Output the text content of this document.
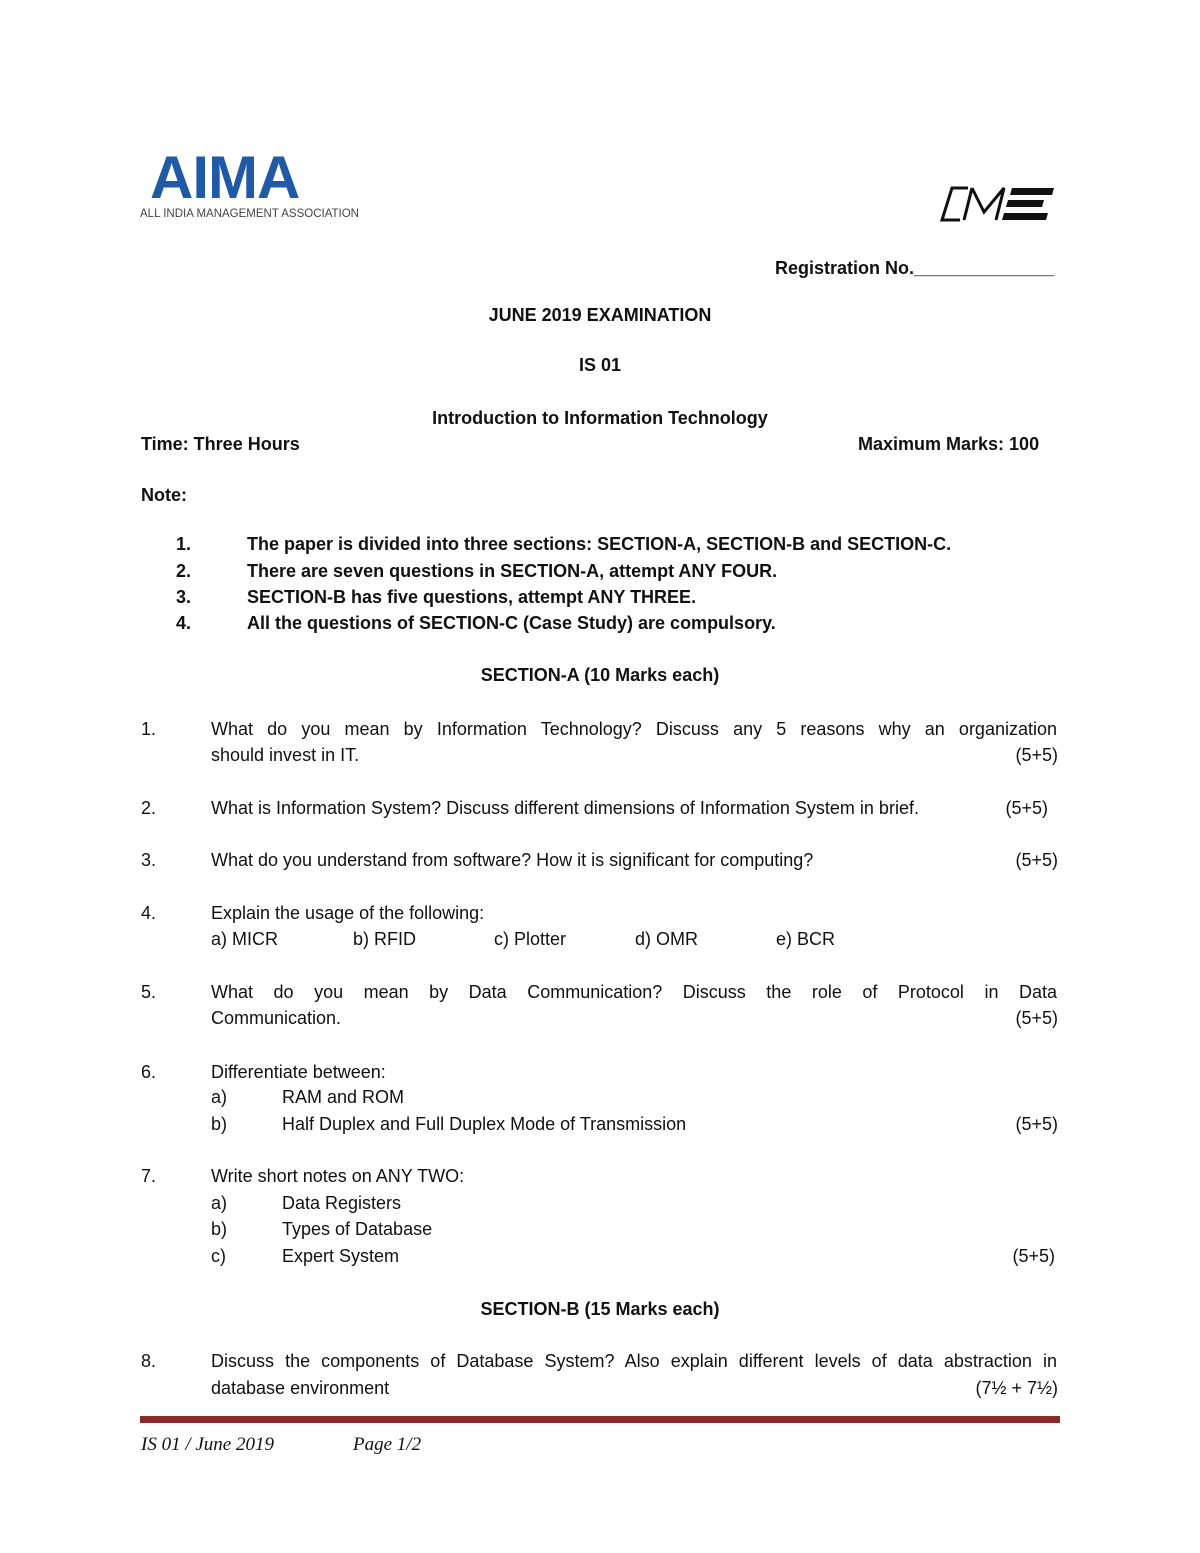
AIMA
ALL INDIA MANAGEMENT ASSOCIATION
Registration No.______________
JUNE 2019 EXAMINATION
IS 01
Introduction to Information Technology
Time: Three Hours	Maximum Marks: 100
Note:
1.	The paper is divided into three sections: SECTION-A, SECTION-B and SECTION-C.
2.	There are seven questions in SECTION-A, attempt ANY FOUR.
3.	SECTION-B has five questions, attempt ANY THREE.
4.	All the questions of SECTION-C (Case Study) are compulsory.
SECTION-A (10 Marks each)
1.	What do you mean by Information Technology? Discuss any 5 reasons why an organization
should invest in IT.	(5+5)
2.	What is Information System? Discuss different dimensions of Information System in brief.	(5+5)
3.	What do you understand from software? How it is significant for computing?	(5+5)
4.	Explain the usage of the following:
a) MICR	b) RFID	c) Plotter	d) OMR	e) BCR
5.	What do you mean by Data Communication? Discuss the role of Protocol in Data
Communication.	(5+5)
6.	Differentiate between:
a)	RAM and ROM
b)	Half Duplex and Full Duplex Mode of Transmission	(5+5)
7.	Write short notes on ANY TWO:
a)	Data Registers
b)	Types of Database
c)	Expert System	(5+5)
SECTION-B (15 Marks each)
8.	Discuss the components of Database System? Also explain different levels of data abstraction in
database environment	(7½ + 7½)
IS 01 / June 2019	Page 1/2
